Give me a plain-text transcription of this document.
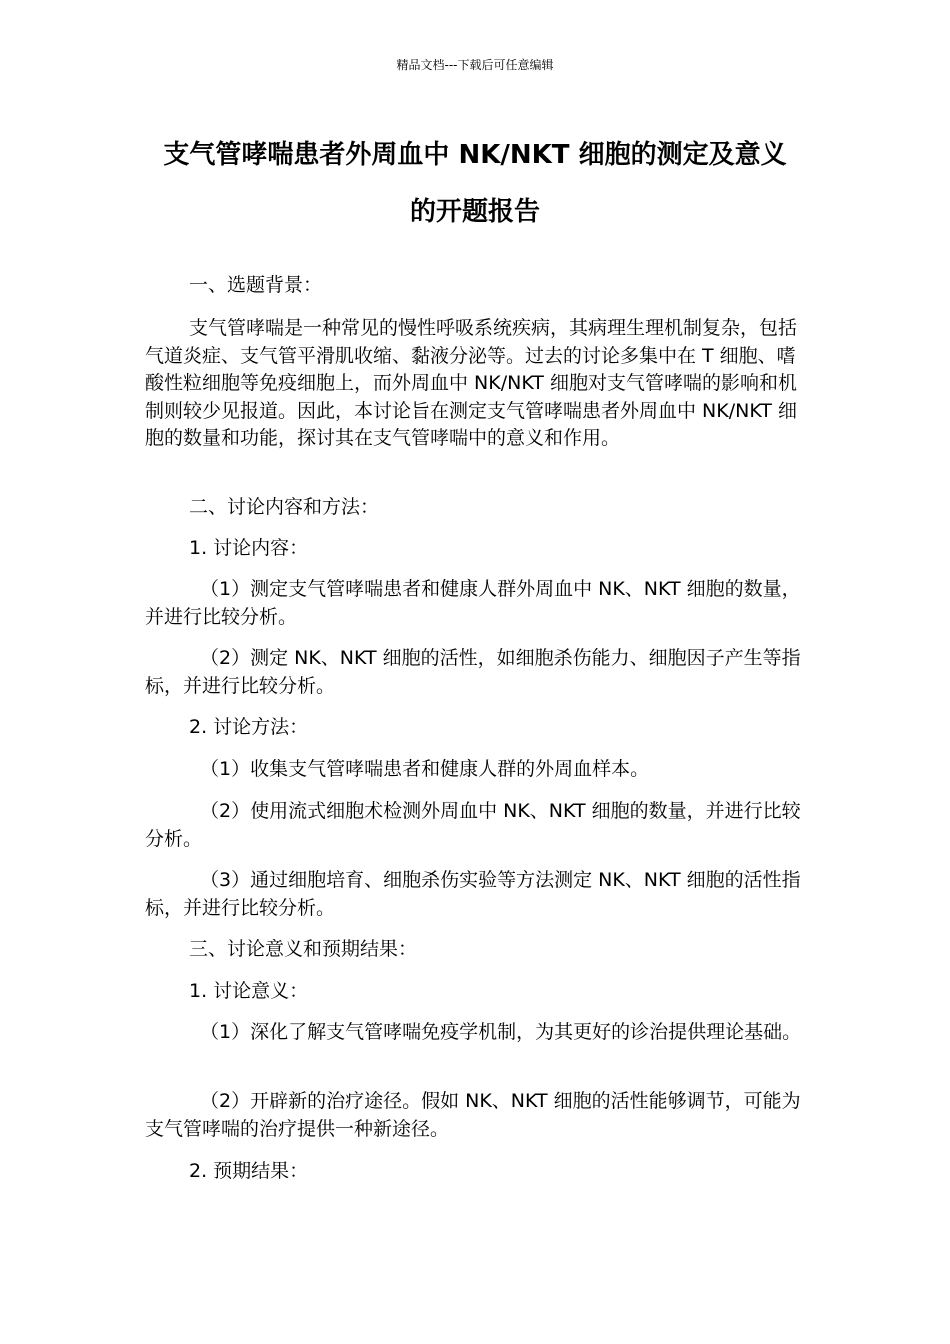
精品文档---下载后可任意编辑
支气管哮喘患者外周血中 NK/NKT 细胞的测定及意义
的开题报告
一、选题背景：
支气管哮喘是一种常见的慢性呼吸系统疾病，其病理生理机制复杂，包括气道炎症、支气管平滑肌收缩、黏液分泌等。过去的讨论多集中在 T 细胞、嗜酸性粒细胞等免疫细胞上，而外周血中 NK/NKT 细胞对支气管哮喘的影响和机制则较少见报道。因此，本讨论旨在测定支气管哮喘患者外周血中 NK/NKT 细胞的数量和功能，探讨其在支气管哮喘中的意义和作用。
二、讨论内容和方法：
1. 讨论内容：
（1）测定支气管哮喘患者和健康人群外周血中 NK、NKT 细胞的数量，并进行比较分析。
（2）测定 NK、NKT 细胞的活性，如细胞杀伤能力、细胞因子产生等指标，并进行比较分析。
2. 讨论方法：
（1）收集支气管哮喘患者和健康人群的外周血样本。
（2）使用流式细胞术检测外周血中 NK、NKT 细胞的数量，并进行比较分析。
（3）通过细胞培育、细胞杀伤实验等方法测定 NK、NKT 细胞的活性指标，并进行比较分析。
三、讨论意义和预期结果：
1. 讨论意义：
（1）深化了解支气管哮喘免疫学机制，为其更好的诊治提供理论基础。
（2）开辟新的治疗途径。假如 NK、NKT 细胞的活性能够调节，可能为支气管哮喘的治疗提供一种新途径。
2. 预期结果：
